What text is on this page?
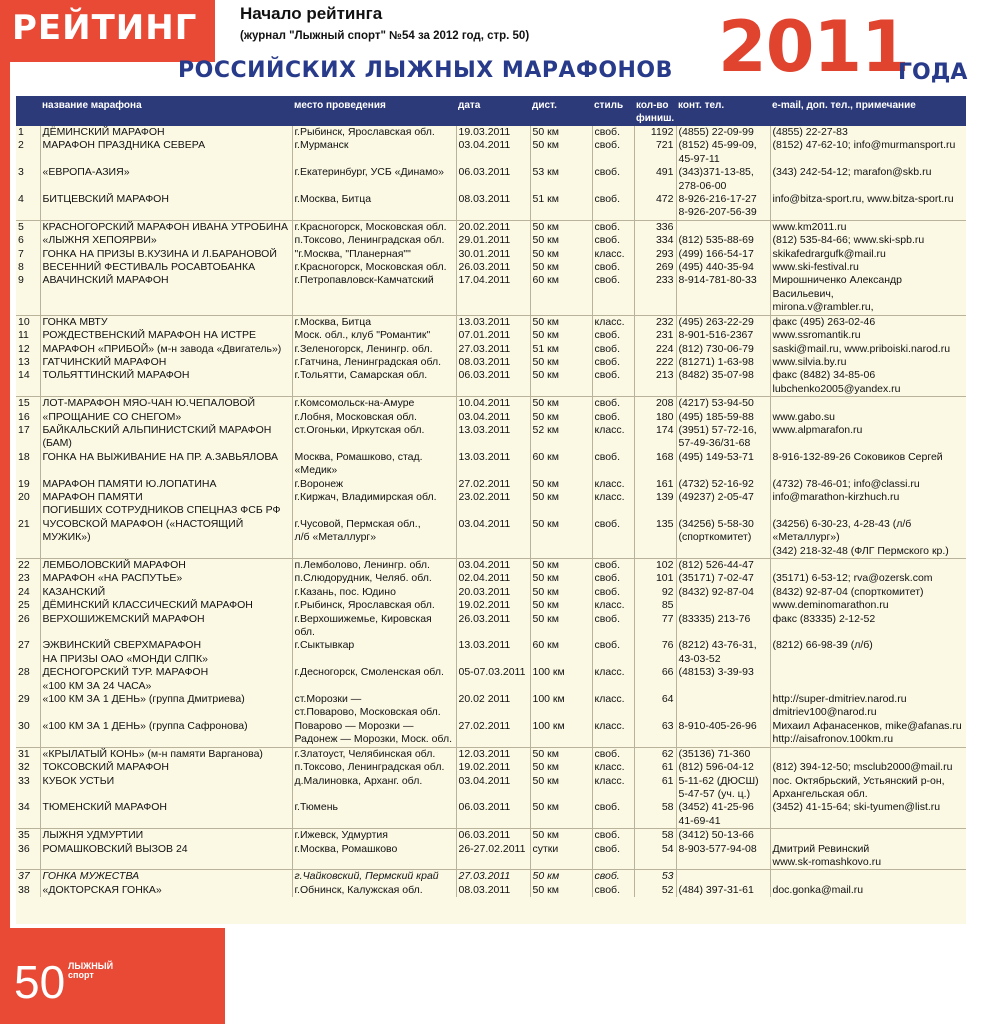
РЕЙТИНГ	Начало рейтинга
(журнал "Лыжный спорт" №54 за 2012 год, стр. 50)
РОССИЙСКИХ ЛЫЖНЫХ МАРАФОНОВ 2011
ГОДА
	название марафона	место проведения	дата	дист.	стиль	кол-во финиш.	конт. тел.	e-mail, доп. тел., примечание
1	ДЁМИНСКИЙ МАРАФОН	г.Рыбинск, Ярославская обл.	19.03.2011	50 км	своб.	1192	(4855) 22-09-99	(4855) 22-27-83
2	МАРАФОН ПРАЗДНИКА СЕВЕРА	г.Мурманск	03.04.2011	50 км	своб.	721	(8152) 45-99-09,
45-97-11	(8152) 47-62-10; info@murmansport.ru
3	«ЕВРОПА-АЗИЯ»	г.Екатеринбург, УСБ «Динамо»	06.03.2011	53 км	своб.	491	(343)371-13-85,
278-06-00	(343) 242-54-12; marafon@skb.ru
4	БИТЦЕВСКИЙ МАРАФОН	г.Москва, Битца	08.03.2011	51 км	своб.	472	8-926-216-17-27
8-926-207-56-39	info@bitza-sport.ru, www.bitza-sport.ru
5	КРАСНОГОРСКИЙ МАРАФОН ИВАНА УТРОБИНА	г.Красногорск, Московская обл.	20.02.2011	50 км	своб.	336		www.km2011.ru
6	«ЛЫЖНЯ ХЕПОЯРВИ»	п.Токсово, Ленинградская обл.	29.01.2011	50 км	своб.	334	(812) 535-88-69	(812) 535-84-66; www.ski-spb.ru
7	ГОНКА НА ПРИЗЫ В.КУЗИНА И Л.БАРАНОВОЙ	"г.Москва, "Планерная""	30.01.2011	50 км	класс.	293	(499) 166-54-17	skikafedrargufk@mail.ru
8	ВЕСЕННИЙ ФЕСТИВАЛЬ РОСАВТОБАНКА	г.Красногорск, Московская обл.	26.03.2011	50 км	своб.	269	(495) 440-35-94	www.ski-festival.ru
9	АВАЧИНСКИЙ МАРАФОН	г.Петропавловск-Камчатский	17.04.2011	60 км	своб.	233	8-914-781-80-33	Мирошниченко Александр Васильевич,
mirona.v@rambler.ru,
10	ГОНКА МВТУ	г.Москва, Битца	13.03.2011	50 км	класс.	232	(495) 263-22-29	факс (495) 263-02-46
11	РОЖДЕСТВЕНСКИЙ МАРАФОН НА ИСТРЕ	Моск. обл., клуб "Романтик"	07.01.2011	50 км	своб.	231	8-901-516-2367	www.ssromantik.ru
12	МАРАФОН «ПРИБОЙ» (м-н завода «Двигатель»)	г.Зеленогорск, Ленингр. обл.	27.03.2011	51 км	своб.	224	(812) 730-06-79	saski@mail.ru, www.priboiski.narod.ru
13	ГАТЧИНСКИЙ МАРАФОН	г.Гатчина, Ленинградская обл.	08.03.2011	50 км	своб.	222	(81271) 1-63-98	www.silvia.by.ru
14	ТОЛЬЯТТИНСКИЙ МАРАФОН	г.Тольятти, Самарская обл.	06.03.2011	50 км	своб.	213	(8482) 35-07-98	факс (8482) 34-85-06
lubchenko2005@yandex.ru
15	ЛОТ-МАРАФОН МЯО-ЧАН Ю.ЧЕПАЛОВОЙ	г.Комсомольск-на-Амуре	10.04.2011	50 км	своб.	208	(4217) 53-94-50	
16	«ПРОЩАНИЕ СО СНЕГОМ»	г.Лобня, Московская обл.	03.04.2011	50 км	своб.	180	(495) 185-59-88	www.gabo.su
17	БАЙКАЛЬСКИЙ АЛЬПИНИСТСКИЙ МАРАФОН
(БАМ)	ст.Огоньки, Иркутская обл.	13.03.2011	52 км	класс.	174	(3951) 57-72-16,
57-49-36/31-68	www.alpmarafon.ru
18	ГОНКА НА ВЫЖИВАНИЕ НА ПР. А.ЗАВЬЯЛОВА	Москва, Ромашково, стад. «Медик»	13.03.2011	60 км	своб.	168	(495) 149-53-71	8-916-132-89-26 Соковиков Сергей
19	МАРАФОН ПАМЯТИ Ю.ЛОПАТИНА	г.Воронеж	27.02.2011	50 км	класс.	161	(4732) 52-16-92	(4732) 78-46-01; info@classi.ru
20	МАРАФОН ПАМЯТИ
ПОГИБШИХ СОТРУДНИКОВ СПЕЦНАЗ ФСБ РФ	г.Киржач, Владимирская обл.	23.02.2011	50 км	класс.	139	(49237) 2-05-47	info@marathon-kirzhuch.ru
21	ЧУСОВСКОЙ МАРАФОН («НАСТОЯЩИЙ МУЖИК»)	г.Чусовой, Пермская обл.,
л/б «Металлург»	03.04.2011	50 км	своб.	135	(34256) 5-58-30
(спорткомитет)	(34256) 6-30-23, 4-28-43 (л/б «Металлург»)
(342) 218-32-48 (ФЛГ Пермского кр.)
22	ЛЕМБОЛОВСКИЙ МАРАФОН	п.Лемболово, Ленингр. обл.	03.04.2011	50 км	своб.	102	(812) 526-44-47	
23	МАРАФОН «НА РАСПУТЬЕ»	п.Слюдорудник, Челяб. обл.	02.04.2011	50 км	своб.	101	(35171) 7-02-47	(35171) 6-53-12; rva@ozersk.com
24	КАЗАНСКИЙ	г.Казань, пос. Юдино	20.03.2011	50 км	своб.	92	(8432) 92-87-04	(8432) 92-87-04 (спорткомитет)
25	ДЁМИНСКИЙ КЛАССИЧЕСКИЙ МАРАФОН	г.Рыбинск, Ярославская обл.	19.02.2011	50 км	класс.	85		www.deminomarathon.ru
26	ВЕРХОШИЖЕМСКИЙ МАРАФОН	г.Верхошижемье, Кировская обл.	26.03.2011	50 км	своб.	77	(83335) 213-76	факс (83335) 2-12-52
27	ЭЖВИНСКИЙ СВЕРХМАРАФОН
НА ПРИЗЫ ОАО «МОНДИ СЛПК»	г.Сыктывкар	13.03.2011	60 км	своб.	76	(8212) 43-76-31,
43-03-52	(8212) 66-98-39 (л/б)
28	ДЕСНОГОРСКИЙ ТУР. МАРАФОН
«100 КМ ЗА 24 ЧАСА»	г.Десногорск, Смоленская обл.	05-07.03.2011	100 км	класс.	66	(48153) 3-39-93	
29	«100 КМ ЗА 1 ДЕНЬ» (группа Дмитриева)	ст.Морозки —
ст.Поварово, Московская обл.	20.02 2011	100 км	класс.	64		http://super-dmitriev.narod.ru
dmitriev100@narod.ru
30	«100 КМ ЗА 1 ДЕНЬ» (группа Сафронова)	Поварово — Морозки —
Радонеж — Морозки, Моск. обл.	27.02.2011	100 км	класс.	63	8-910-405-26-96	Михаил Афанасенков, mike@afanas.ru
http://aisafronov.100km.ru
31	«КРЫЛАТЫЙ КОНЬ» (м-н памяти Варганова)	г.Златоуст, Челябинская обл.	12.03.2011	50 км	своб.	62	(35136) 71-360	
32	ТОКСОВСКИЙ МАРАФОН	п.Токсово, Ленинградская обл.	19.02.2011	50 км	класс.	61	(812) 596-04-12	(812) 394-12-50; msclub2000@mail.ru
33	КУБОК УСТЬИ	д.Малиновка, Арханг. обл.	03.04.2011	50 км	класс.	61	5-11-62 (ДЮСШ)
5-47-57 (уч. ц.)	пос. Октябрьский, Устьянский р-он,
Архангельская обл.
34	ТЮМЕНСКИЙ МАРАФОН	г.Тюмень	06.03.2011	50 км	своб.	58	(3452) 41-25-96
41-69-41	(3452) 41-15-64; ski-tyumen@list.ru
35	ЛЫЖНЯ УДМУРТИИ	г.Ижевск, Удмуртия	06.03.2011	50 км	своб.	58	(3412) 50-13-66	
36	РОМАШКОВСКИЙ ВЫЗОВ 24	г.Москва, Ромашково	26-27.02.2011	сутки	своб.	54	8-903-577-94-08	Дмитрий Ревинский
www.sk-romashkovo.ru
37	ГОНКА МУЖЕСТВА	г.Чайковский, Пермский край	27.03.2011	50 км	своб.	53		
38	«ДОКТОРСКАЯ ГОНКА»	г.Обнинск, Калужская обл.	08.03.2011	50 км	своб.	52	(484) 397-31-61	doc.gonka@mail.ru
50 ЛЫЖНЫЙ
спорт
